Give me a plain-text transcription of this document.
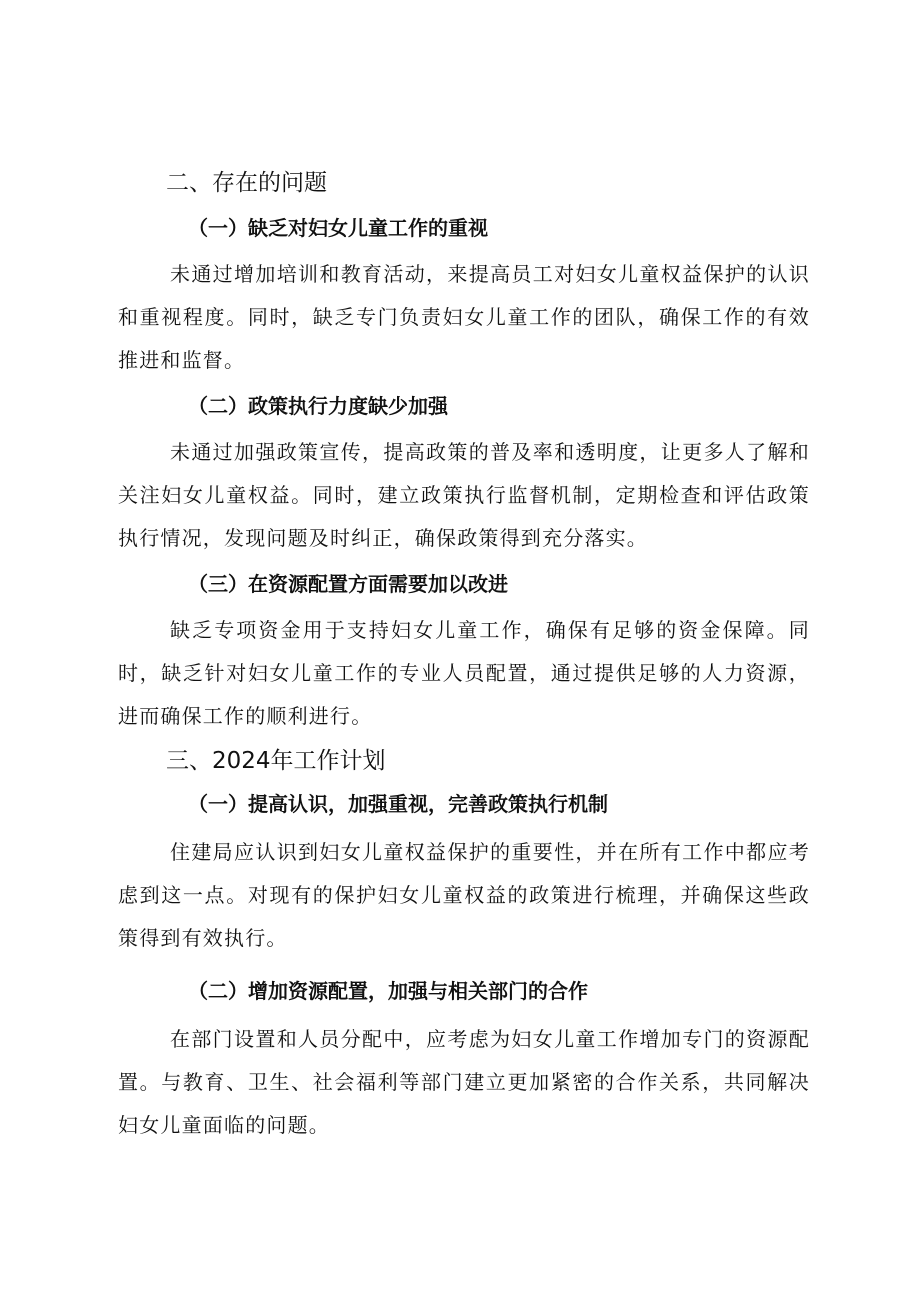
二、存在的问题
（一）缺乏对妇女儿童工作的重视

未通过增加培训和教育活动，来提高员工对妇女儿童权益保护的认识和重视程度。同时，缺乏专门负责妇女儿童工作的团队，确保工作的有效推进和监督。

（二）政策执行力度缺少加强

未通过加强政策宣传，提高政策的普及率和透明度，让更多人了解和关注妇女儿童权益。同时，建立政策执行监督机制，定期检查和评估政策执行情况，发现问题及时纠正，确保政策得到充分落实。

（三）在资源配置方面需要加以改进

缺乏专项资金用于支持妇女儿童工作，确保有足够的资金保障。同时，缺乏针对妇女儿童工作的专业人员配置，通过提供足够的人力资源，进而确保工作的顺利进行。

三、2024年工作计划
（一）提高认识，加强重视，完善政策执行机制

住建局应认识到妇女儿童权益保护的重要性，并在所有工作中都应考虑到这一点。对现有的保护妇女儿童权益的政策进行梳理，并确保这些政策得到有效执行。

（二）增加资源配置，加强与相关部门的合作

在部门设置和人员分配中，应考虑为妇女儿童工作增加专门的资源配置。与教育、卫生、社会福利等部门建立更加紧密的合作关系，共同解决妇女儿童面临的问题。
